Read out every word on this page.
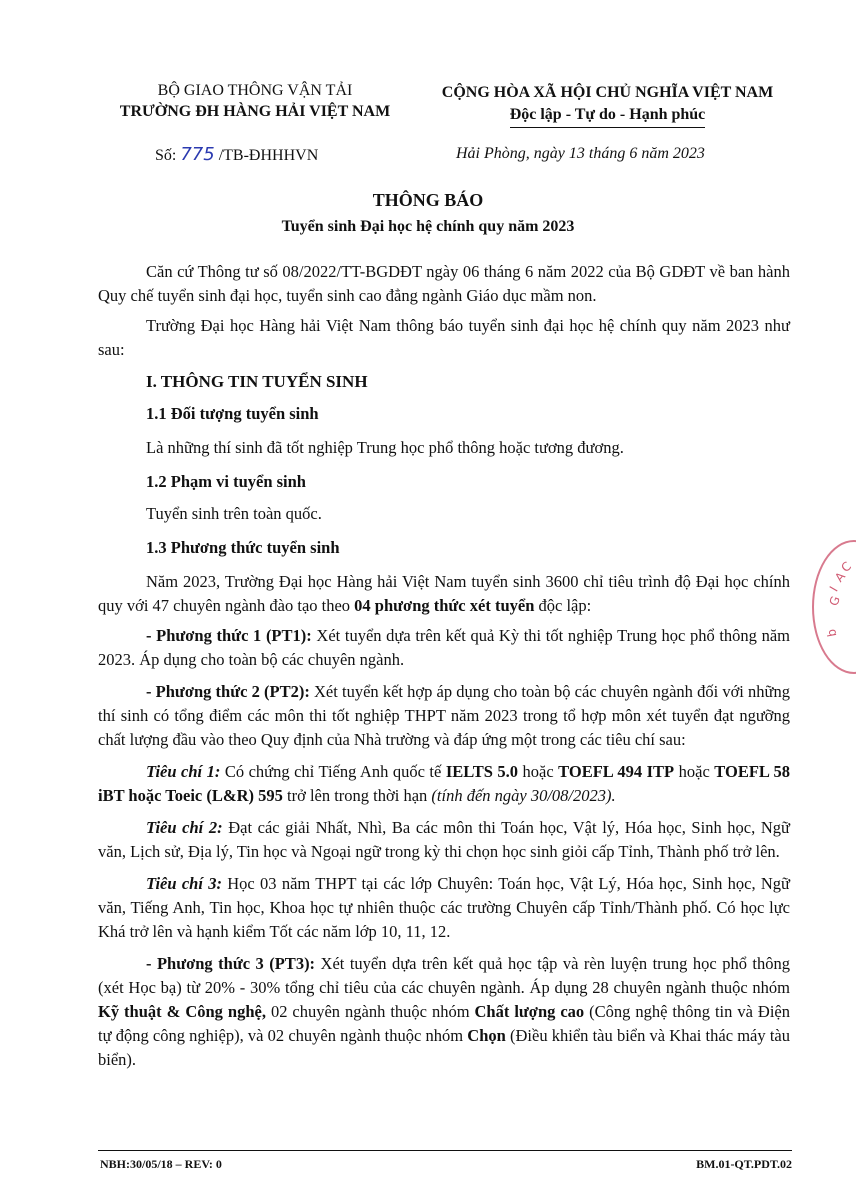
BỘ GIAO THÔNG VẬN TẢI
TRƯỜNG ĐH HÀNG HẢI VIỆT NAM
CỘNG HÒA XÃ HỘI CHỦ NGHĨA VIỆT NAM
Độc lập - Tự do - Hạnh phúc
Số: 775 /TB-ĐHHHVN	Hải Phòng, ngày 13 tháng 6 năm 2023
THÔNG BÁO
Tuyển sinh Đại học hệ chính quy năm 2023

Căn cứ Thông tư số 08/2022/TT-BGDĐT ngày 06 tháng 6 năm 2022 của Bộ GDĐT về ban hành Quy chế tuyển sinh đại học, tuyển sinh cao đẳng ngành Giáo dục mầm non.

Trường Đại học Hàng hải Việt Nam thông báo tuyển sinh đại học hệ chính quy năm 2023 như sau:

I. THÔNG TIN TUYỂN SINH

1.1 Đối tượng tuyển sinh

Là những thí sinh đã tốt nghiệp Trung học phổ thông hoặc tương đương.

1.2 Phạm vi tuyển sinh

Tuyển sinh trên toàn quốc.

1.3 Phương thức tuyển sinh

Năm 2023, Trường Đại học Hàng hải Việt Nam tuyển sinh 3600 chỉ tiêu trình độ Đại học chính quy với 47 chuyên ngành đào tạo theo 04 phương thức xét tuyển độc lập:

- Phương thức 1 (PT1): Xét tuyển dựa trên kết quả Kỳ thi tốt nghiệp Trung học phổ thông năm 2023. Áp dụng cho toàn bộ các chuyên ngành.

- Phương thức 2 (PT2): Xét tuyển kết hợp áp dụng cho toàn bộ các chuyên ngành đối với những thí sinh có tổng điểm các môn thi tốt nghiệp THPT năm 2023 trong tổ hợp môn xét tuyển đạt ngưỡng chất lượng đầu vào theo Quy định của Nhà trường và đáp ứng một trong các tiêu chí sau:

Tiêu chí 1: Có chứng chỉ Tiếng Anh quốc tế IELTS 5.0 hoặc TOEFL 494 ITP hoặc TOEFL 58 iBT hoặc Toeic (L&R) 595 trở lên trong thời hạn (tính đến ngày 30/08/2023).

Tiêu chí 2: Đạt các giải Nhất, Nhì, Ba các môn thi Toán học, Vật lý, Hóa học, Sinh học, Ngữ văn, Lịch sử, Địa lý, Tin học và Ngoại ngữ trong kỳ thi chọn học sinh giỏi cấp Tỉnh, Thành phố trở lên.

Tiêu chí 3: Học 03 năm THPT tại các lớp Chuyên: Toán học, Vật Lý, Hóa học, Sinh học, Ngữ văn, Tiếng Anh, Tin học, Khoa học tự nhiên thuộc các trường Chuyên cấp Tỉnh/Thành phố. Có học lực Khá trở lên và hạnh kiểm Tốt các năm lớp 10, 11, 12.

- Phương thức 3 (PT3): Xét tuyển dựa trên kết quả học tập và rèn luyện trung học phổ thông (xét Học bạ) từ 20% - 30% tổng chỉ tiêu của các chuyên ngành. Áp dụng 28 chuyên ngành thuộc nhóm Kỹ thuật & Công nghệ, 02 chuyên ngành thuộc nhóm Chất lượng cao (Công nghệ thông tin và Điện tự động công nghiệp), và 02 chuyên ngành thuộc nhóm Chọn (Điều khiển tàu biển và Khai thác máy tàu biển).

G
I
A
C
b
NBH:30/05/18 – REV: 0	BM.01-QT.PDT.02
